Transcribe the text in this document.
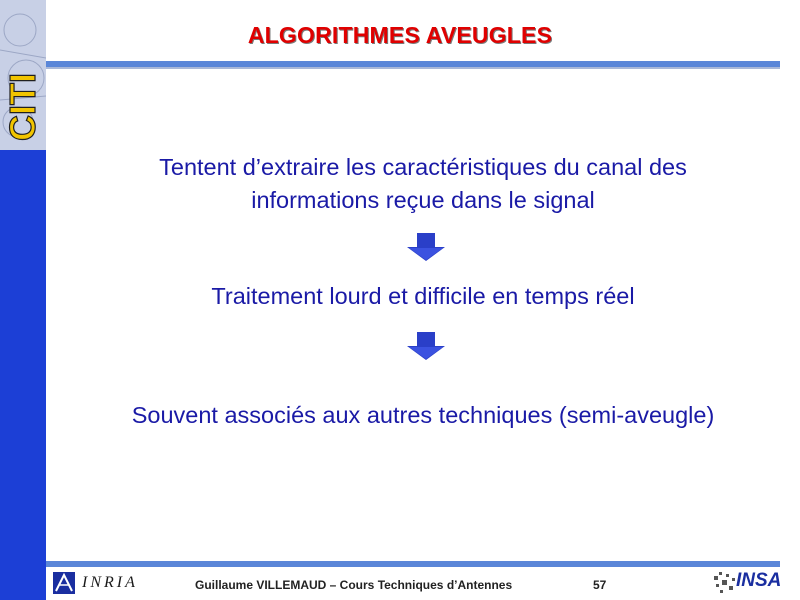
CITI
ALGORITHMES AVEUGLES
Tentent d’extraire les caractéristiques du canal des
informations reçue dans le signal
Traitement lourd et difficile en temps réel
Souvent associés aux autres techniques (semi-aveugle)
INRIA	Guillaume VILLEMAUD – Cours Techniques d’Antennes	57	INSA
